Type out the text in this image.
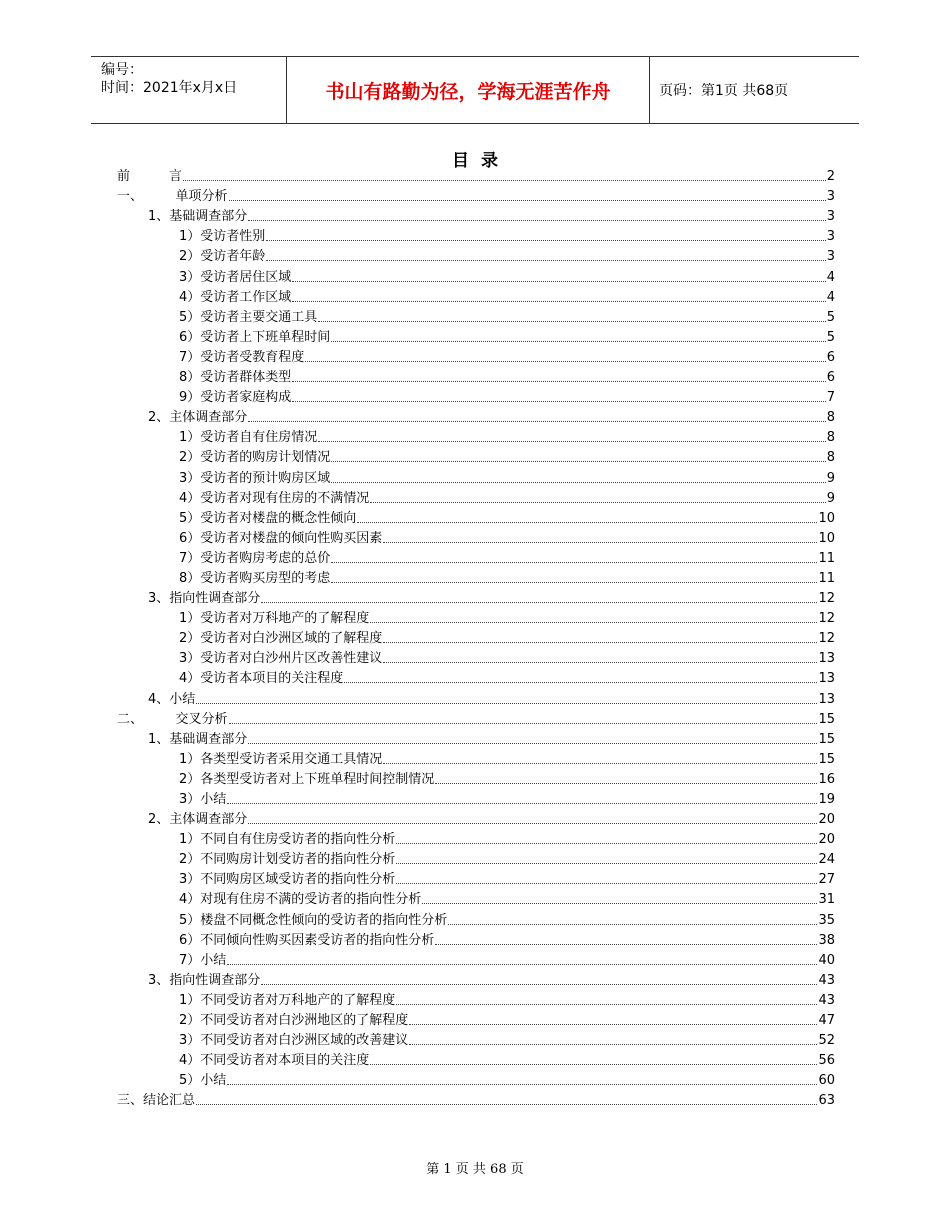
编号：
时间：2021年x月x日	书山有路勤为径，学海无涯苦作舟	页码：第1页 共68页
目录
前　　　言	2
一、　　　单项分析	3
1、基础调查部分	3
1）受访者性别	3
2）受访者年龄	3
3）受访者居住区域	4
4）受访者工作区域	4
5）受访者主要交通工具	5
6）受访者上下班单程时间	5
7）受访者受教育程度	6
8）受访者群体类型	6
9）受访者家庭构成	7
2、主体调查部分	8
1）受访者自有住房情况	8
2）受访者的购房计划情况	8
3）受访者的预计购房区域	9
4）受访者对现有住房的不满情况	9
5）受访者对楼盘的概念性倾向	10
6）受访者对楼盘的倾向性购买因素	10
7）受访者购房考虑的总价	11
8）受访者购买房型的考虑	11
3、指向性调查部分	12
1）受访者对万科地产的了解程度	12
2）受访者对白沙洲区域的了解程度	12
3）受访者对白沙州片区改善性建议	13
4）受访者本项目的关注程度	13
4、小结	13
二、　　　交叉分析	15
1、基础调查部分	15
1）各类型受访者采用交通工具情况	15
2）各类型受访者对上下班单程时间控制情况	16
3）小结	19
2、主体调查部分	20
1）不同自有住房受访者的指向性分析	20
2）不同购房计划受访者的指向性分析	24
3）不同购房区域受访者的指向性分析	27
4）对现有住房不满的受访者的指向性分析	31
5）楼盘不同概念性倾向的受访者的指向性分析	35
6）不同倾向性购买因素受访者的指向性分析	38
7）小结	40
3、指向性调查部分	43
1）不同受访者对万科地产的了解程度	43
2）不同受访者对白沙洲地区的了解程度	47
3）不同受访者对白沙洲区域的改善建议	52
4）不同受访者对本项目的关注度	56
5）小结	60
三、结论汇总	63
第 1 页 共 68 页
